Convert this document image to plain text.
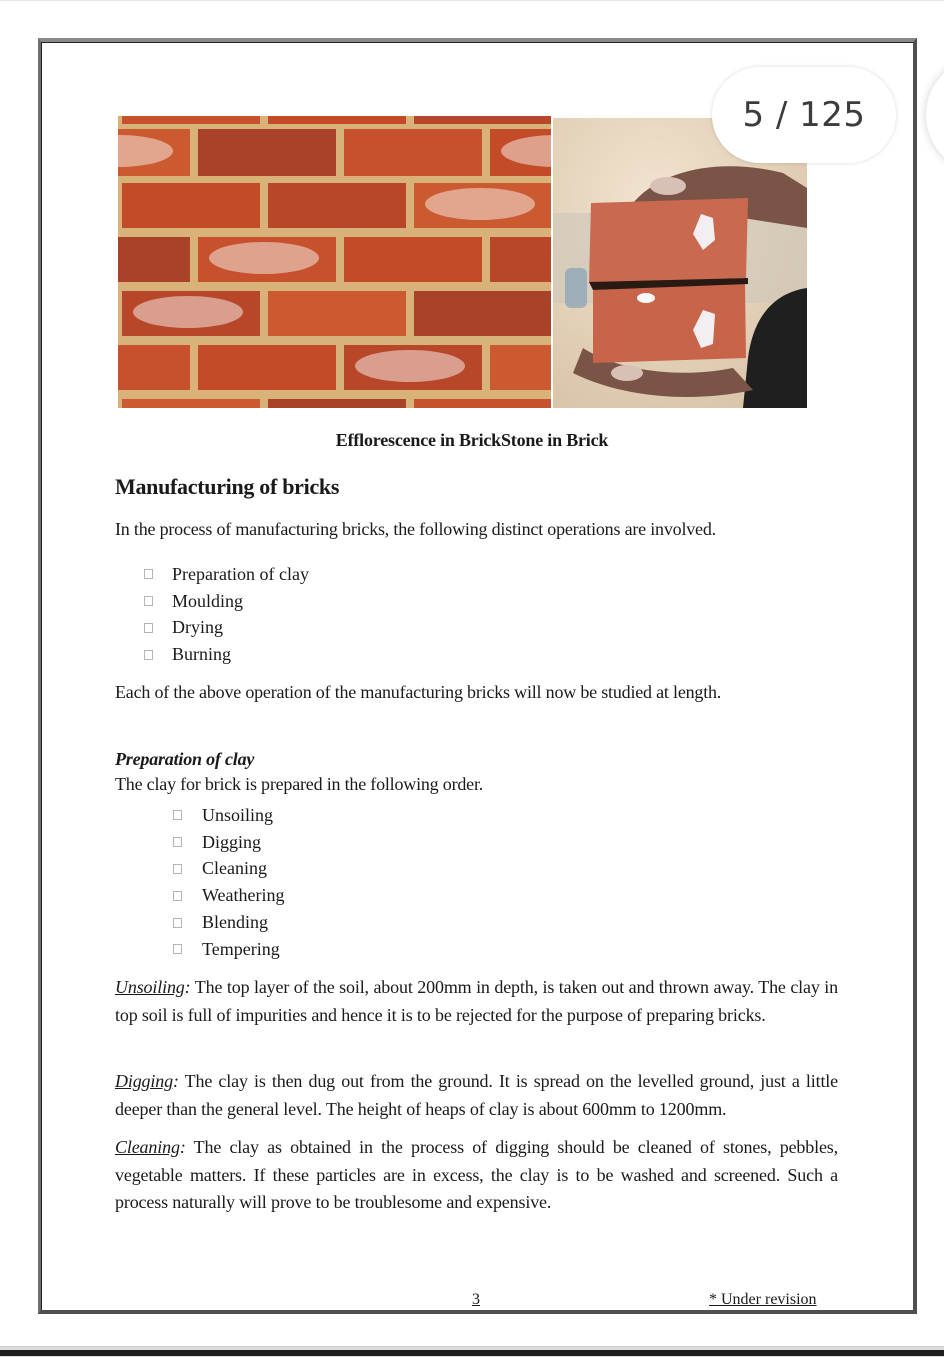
5 / 125
Efflorescence in BrickStone in Brick
Manufacturing of bricks
In the process of manufacturing bricks, the following distinct operations are involved.
Preparation of clay
Moulding
Drying
Burning
Each of the above operation of the manufacturing bricks will now be studied at length.
Preparation of clay
The clay for brick is prepared in the following order.
Unsoiling
Digging
Cleaning
Weathering
Blending
Tempering
Unsoiling: The top layer of the soil, about 200mm in depth, is taken out and thrown away. The clay in top soil is full of impurities and hence it is to be rejected for the purpose of preparing bricks.
Digging: The clay is then dug out from the ground. It is spread on the levelled ground, just a little deeper than the general level. The height of heaps of clay is about 600mm to 1200mm.
Cleaning: The clay as obtained in the process of digging should be cleaned of stones, pebbles, vegetable matters. If these particles are in excess, the clay is to be washed and screened. Such a process naturally will prove to be troublesome and expensive.
3	* Under revision
